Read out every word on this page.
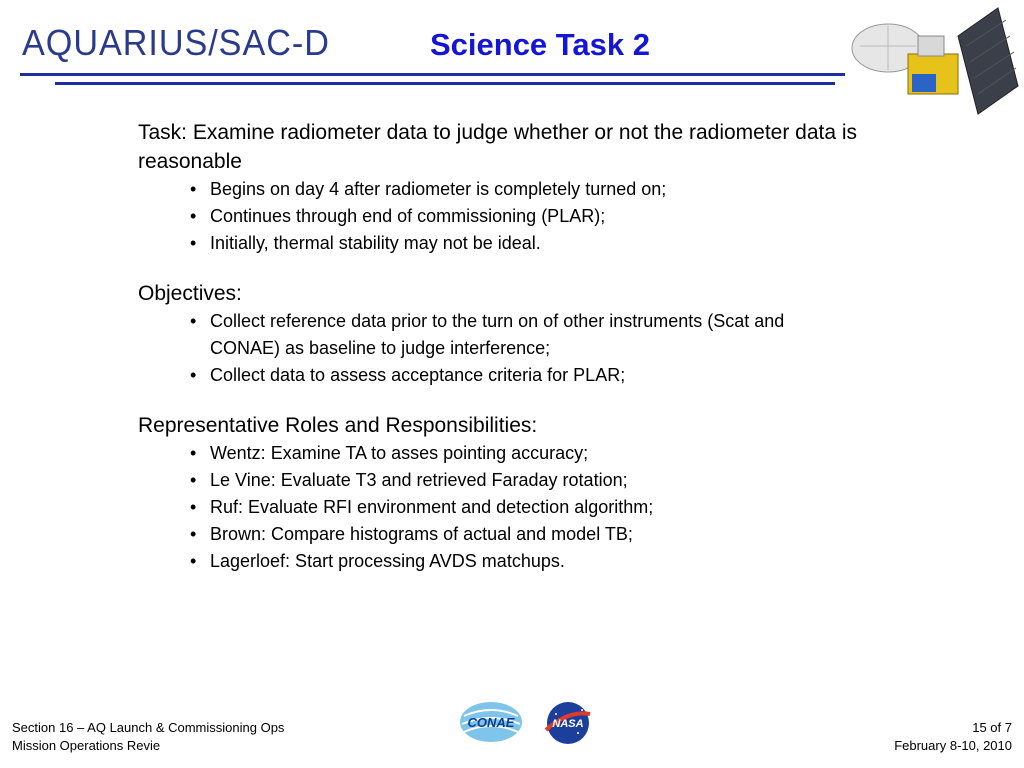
AQUARIUS/SAC-D	Science Task 2
Task: Examine radiometer data to judge whether or not the radiometer data is reasonable
• Begins on day 4 after radiometer is completely turned on;
• Continues through end of commissioning (PLAR);
• Initially, thermal stability may not be ideal.
Objectives:
• Collect reference data prior to the turn on of other instruments (Scat and CONAE) as baseline to judge interference;
• Collect data to assess acceptance criteria for PLAR;
Representative Roles and Responsibilities:
• Wentz: Examine TA to asses pointing accuracy;
• Le Vine: Evaluate T3 and retrieved Faraday rotation;
• Ruf: Evaluate RFI environment and detection algorithm;
• Brown: Compare histograms of actual and model TB;
• Lagerloef: Start processing AVDS matchups.
Section 16 – AQ Launch & Commissioning Ops
Mission Operations Revie
CONAE	NASA	15 of 7
February 8-10, 2010
